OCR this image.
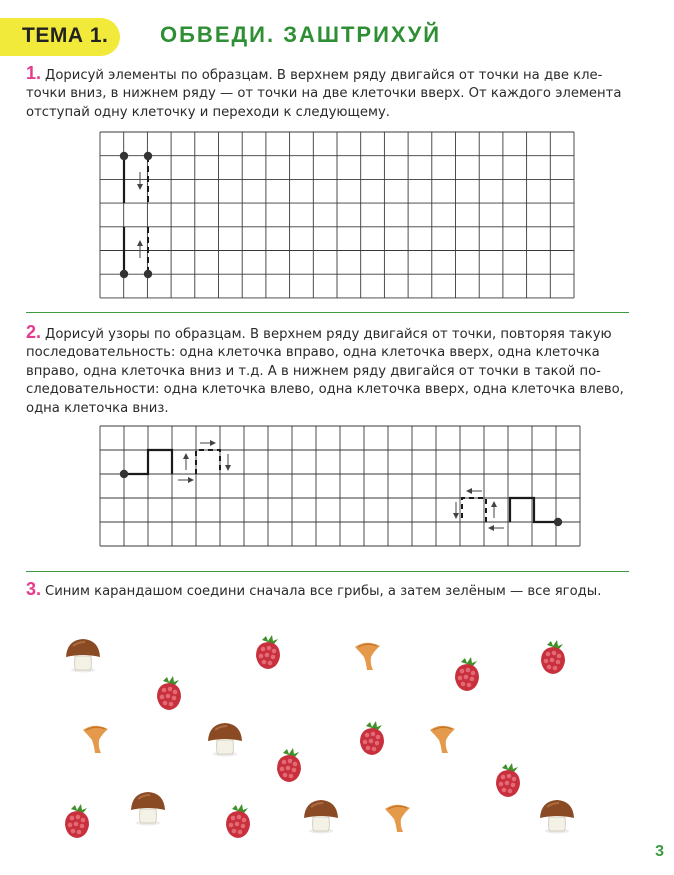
ТЕМА 1. ОБВЕДИ. ЗАШТРИХУЙ
1. Дорисуй элементы по образцам. В верхнем ряду двигайся от точки на две кле-
точки вниз, в нижнем ряду — от точки на две клеточки вверх. От каждого элемента
отступай одну клеточку и переходи к следующему.
2. Дорисуй узоры по образцам. В верхнем ряду двигайся от точки, повторяя такую
последовательность: одна клеточка вправо, одна клеточка вверх, одна клеточка
вправо, одна клеточка вниз и т.д. А в нижнем ряду двигайся от точки в такой по-
следовательности: одна клеточка влево, одна клеточка вверх, одна клеточка влево,
одна клеточка вниз.
3. Синим карандашом соедини сначала все грибы, а затем зелёным — все ягоды.
3
